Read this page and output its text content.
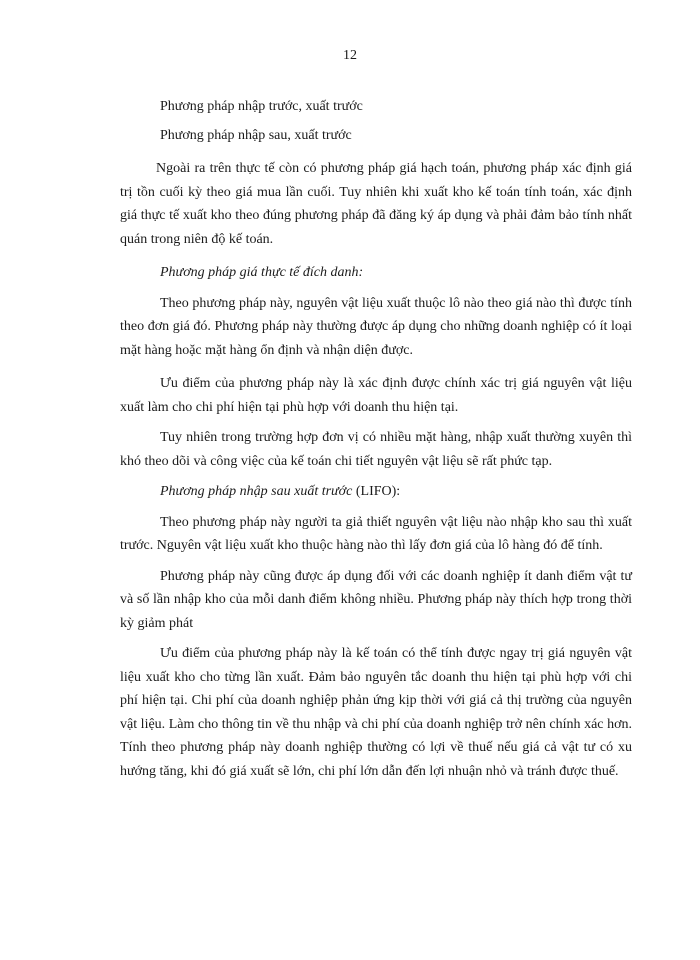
12

Phương pháp nhập trước, xuất trước

Phương pháp nhập sau, xuất trước

Ngoài ra trên thực tế còn có phương pháp giá hạch toán, phương pháp xác định giá trị tồn cuối kỳ theo giá mua lần cuối. Tuy nhiên khi xuất kho kế toán tính toán, xác định giá thực tế xuất kho theo đúng phương pháp đã đăng ký áp dụng và phải đảm bảo tính nhất quán trong niên độ kế toán.

Phương pháp giá thực tế đích danh:

Theo phương pháp này, nguyên vật liệu xuất thuộc lô nào theo giá nào thì được tính theo đơn giá đó. Phương pháp này thường được áp dụng cho những doanh nghiệp có ít loại mặt hàng hoặc mặt hàng ổn định và nhận diện được.

Ưu điểm của phương pháp này là xác định được chính xác trị giá nguyên vật liệu xuất làm cho chi phí hiện tại phù hợp với doanh thu hiện tại.

Tuy nhiên trong trường hợp đơn vị có nhiều mặt hàng, nhập xuất thường xuyên thì khó theo dõi và công việc của kế toán chi tiết nguyên vật liệu sẽ rất phức tạp.

Phương pháp nhập sau xuất trước (LIFO):

Theo phương pháp này người ta giả thiết nguyên vật liệu nào nhập kho sau thì xuất trước. Nguyên vật liệu xuất kho thuộc hàng nào thì lấy đơn giá của lô hàng đó để tính.

Phương pháp này cũng được áp dụng đối với các doanh nghiệp ít danh điểm vật tư và số lần nhập kho của mỗi danh điểm không nhiều. Phương pháp này thích hợp trong thời kỳ giảm phát

Ưu điểm của phương pháp này là kế toán có thể tính được ngay trị giá nguyên vật liệu xuất kho cho từng lần xuất. Đảm bảo nguyên tắc doanh thu hiện tại phù hợp với chi phí hiện tại. Chi phí của doanh nghiệp phản ứng kịp thời với giá cả thị trường của nguyên vật liệu. Làm cho thông tin về thu nhập và chi phí của doanh nghiệp trở nên chính xác hơn. Tính theo phương pháp này doanh nghiệp thường có lợi về thuế nếu giá cả vật tư có xu hướng tăng, khi đó giá xuất sẽ lớn, chi phí lớn dẫn đến lợi nhuận nhỏ và tránh được thuế.
